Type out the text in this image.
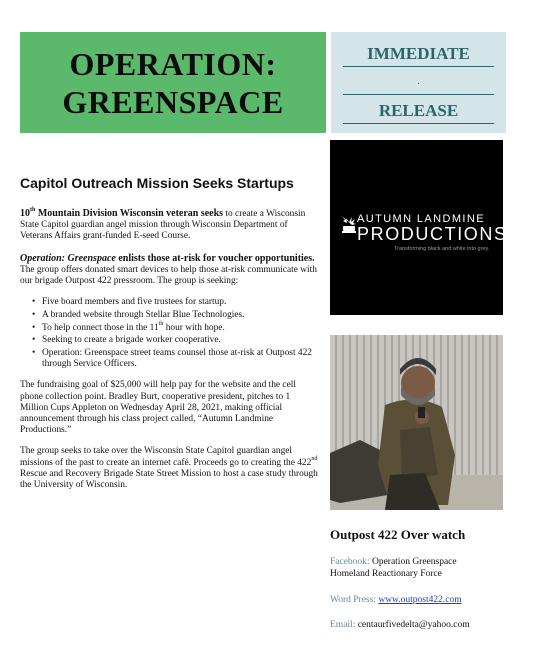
OPERATION:
GREENSPACE
IMMEDIATE
.
RELEASE
Capitol Outreach Mission Seeks Startups

10th Mountain Division Wisconsin veteran seeks to create a Wisconsin State Capitol guardian angel mission through Wisconsin Department of Veterans Affairs grant-funded E-seed Course.

Operation: Greenspace enlists those at-risk for voucher opportunities. The group offers donated smart devices to help those at-risk communicate with our brigade Outpost 422 pressroom. The group is seeking:

• Five board members and five trustees for startup.
• A branded website through Stellar Blue Technologies.
• To help connect those in the 11th hour with hope.
• Seeking to create a brigade worker cooperative.
• Operation: Greenspace street teams counsel those at-risk at Outpost 422 through Service Officers.

The fundraising goal of $25,000 will help pay for the website and the cell phone collection point. Bradley Burt, cooperative president, pitches to 1 Million Cups Appleton on Wednesday April 28, 2021, making official announcement through his class project called, “Autumn Landmine Productions.”

The group seeks to take over the Wisconsin State Capitol guardian angel missions of the past to create an internet café. Proceeds go to creating the 422nd Rescue and Recovery Brigade State Street Mission to host a case study through the University of Wisconsin.

AUTUMN LANDMINE
PRODUCTIONS
Transforming black and white into grey.
Outpost 422 Over watch
Facebook: Operation Greenspace
Homeland Reactionary Force
Word Press: www.outpost422.com
Email: centaurfivedelta@yahoo.com
